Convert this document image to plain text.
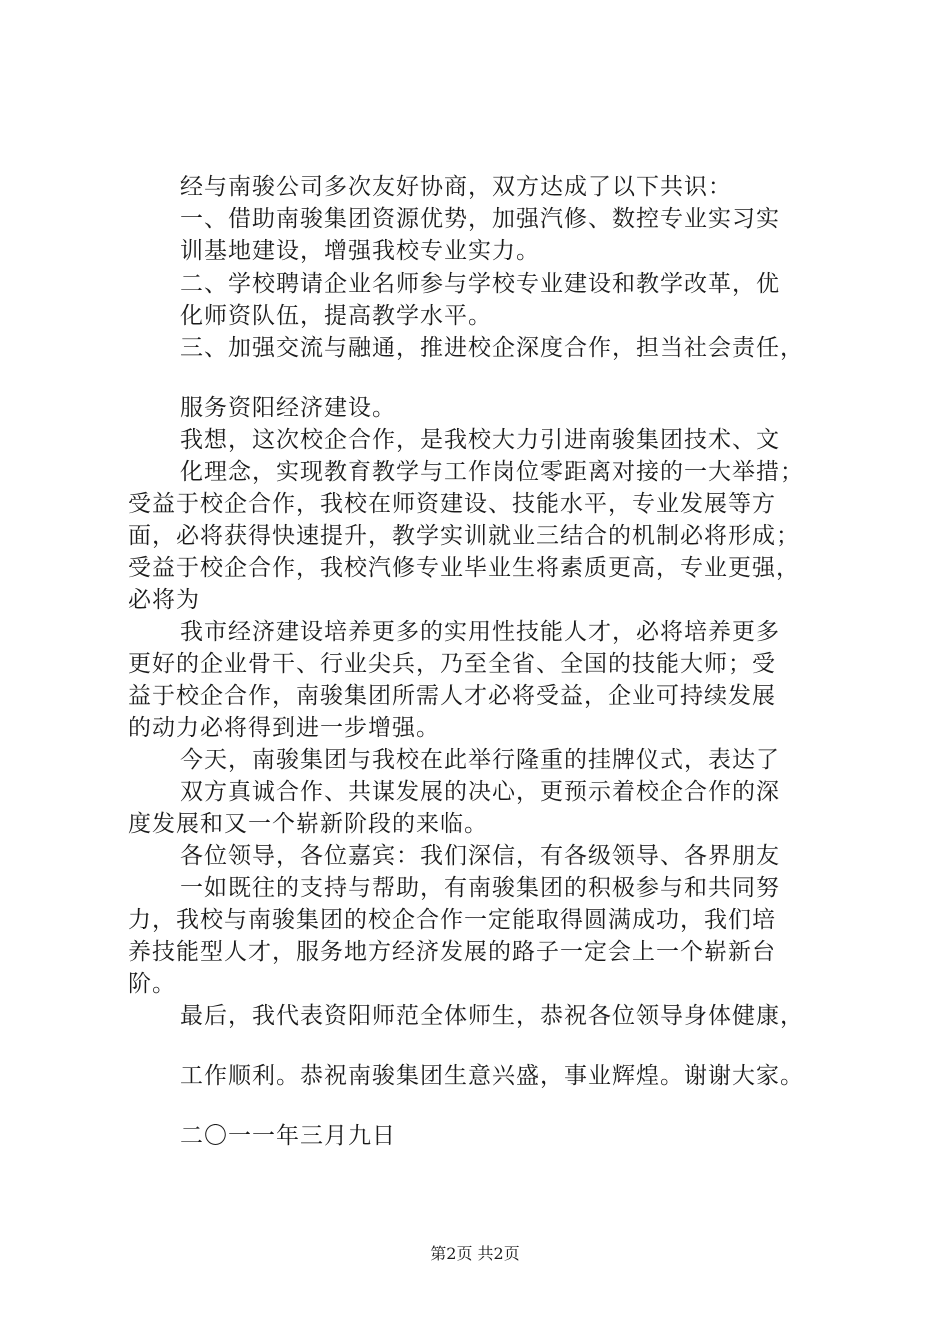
经与南骏公司多次友好协商，双方达成了以下共识：
一、借助南骏集团资源优势，加强汽修、数控专业实习实
训基地建设，增强我校专业实力。
二、学校聘请企业名师参与学校专业建设和教学改革，优
化师资队伍，提高教学水平。
三、加强交流与融通，推进校企深度合作，担当社会责任，
服务资阳经济建设。
我想，这次校企合作，是我校大力引进南骏集团技术、文
化理念，实现教育教学与工作岗位零距离对接的一大举措；
受益于校企合作，我校在师资建设、技能水平，专业发展等方
面，必将获得快速提升，教学实训就业三结合的机制必将形成；
受益于校企合作，我校汽修专业毕业生将素质更高，专业更强，
必将为
我市经济建设培养更多的实用性技能人才，必将培养更多
更好的企业骨干、行业尖兵，乃至全省、全国的技能大师；受
益于校企合作，南骏集团所需人才必将受益，企业可持续发展
的动力必将得到进一步增强。
今天，南骏集团与我校在此举行隆重的挂牌仪式，表达了
双方真诚合作、共谋发展的决心，更预示着校企合作的深
度发展和又一个崭新阶段的来临。
各位领导，各位嘉宾：我们深信，有各级领导、各界朋友
一如既往的支持与帮助，有南骏集团的积极参与和共同努
力，我校与南骏集团的校企合作一定能取得圆满成功，我们培
养技能型人才，服务地方经济发展的路子一定会上一个崭新台
阶。
最后，我代表资阳师范全体师生，恭祝各位领导身体健康，
工作顺利。恭祝南骏集团生意兴盛，事业辉煌。谢谢大家。
二〇一一年三月九日
第2页 共2页
